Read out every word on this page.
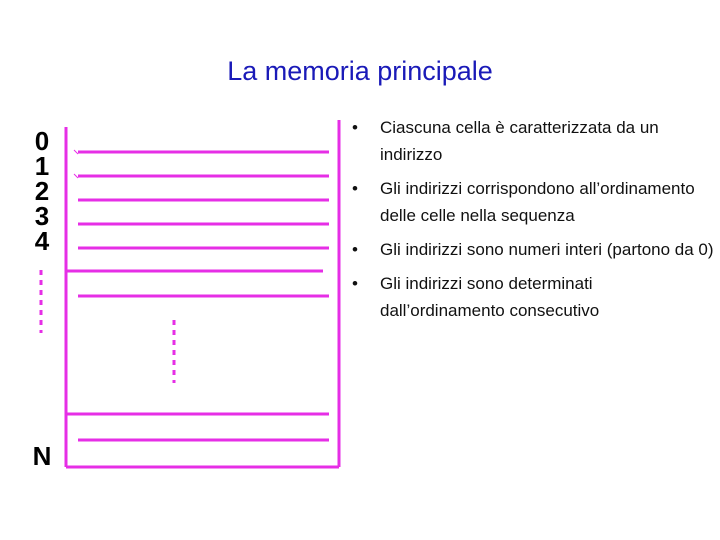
La memoria principale
0
1
2
3
4
N
• Ciascuna cella è caratterizzata da un indirizzo
• Gli indirizzi corrispondono all’ordinamento delle celle nella sequenza
• Gli indirizzi sono numeri interi (partono da 0)
• Gli indirizzi sono determinati dall’ordinamento consecutivo
